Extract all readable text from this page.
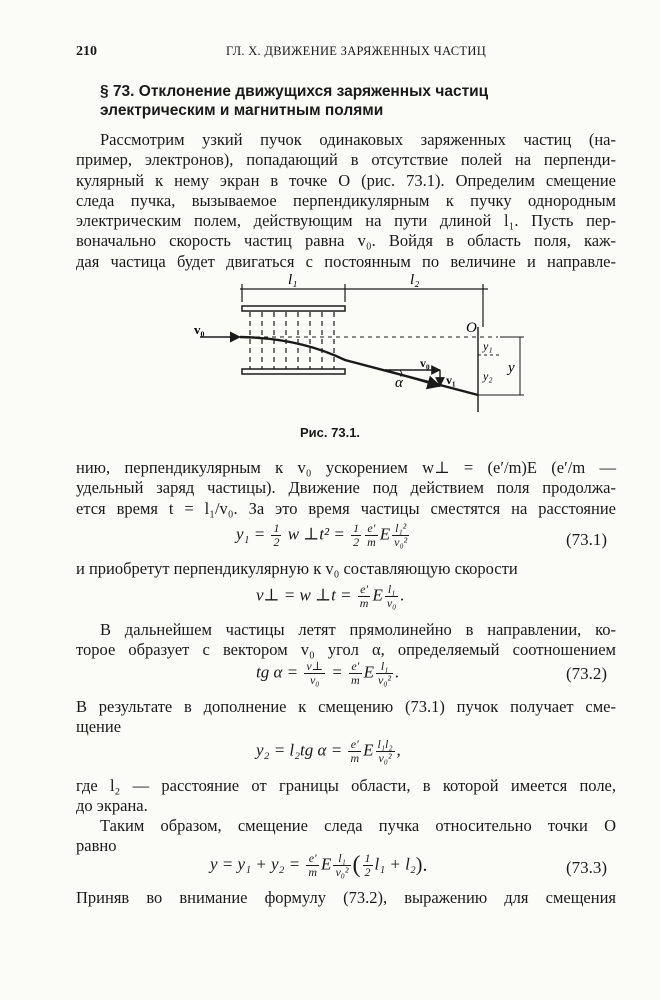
210	ГЛ. X. ДВИЖЕНИЕ ЗАРЯЖЕННЫХ ЧАСТИЦ
§ 73. Отклонение движущихся заряженных частиц
электрическим и магнитным полями
Рассмотрим узкий пучок одинаковых заряженных частиц (на-
пример, электронов), попадающий в отсутствие полей на перпенди-
кулярный к нему экран в точке O (рис. 73.1). Определим смещение
следа пучка, вызываемое перпендикулярным к пучку однородным
электрическим полем, действующим на пути длиной l₁. Пусть пер-
воначально скорость частиц равна v₀. Войдя в область поля, каж-
дая частица будет двигаться с постоянным по величине и направле-
l₁	l₂
v₀
v₀
v₁
α
O
y₁
y₂ y
Рис. 73.1.
нию, перпендикулярным к v₀ ускорением w⊥ = (e′/m)E (e′/m —
удельный заряд частицы). Движение под действием поля продолжа-
ется время t = l₁/v₀. За это время частицы сместятся на расстояние
$y_1 = \frac{1}{2}$ w ⊥t² = $\frac{1}{2} \frac{e'}{m}$ E $\frac{\text{l₁²}}{\text{v₀²}}$	(73.1)
и приобретут перпендикулярную к v₀ составляющую скорости
v⊥ = w ⊥t = $\frac{e'}{m}$ E $\frac{\text{l₁}}{\text{v₀}}$ .
В дальнейшем частицы летят прямолинейно в направлении, ко-
торое образует с вектором v₀ угол α, определяемый соотношением
tg $\alpha = \frac{v\perp}{\text{v₀}} = \frac{e'}{m}$ E $\frac{\text{l₁}}{\text{v₀²}}$ .	(73.2)
В результате в дополнение к смещению (73.1) пучок получает сме-
щение
y₂ = l₂tg $\alpha = \frac{e'}{m}$ E $\frac{\text{l₁l₂}}{\text{v₀²}}$ ,
где l₂ — расстояние от границы области, в которой имеется поле,
до экрана.
Таким образом, смещение следа пучка относительно точки O
равно
$y = y_1 + y_2 = \frac{e'}{m}$ E $\frac{\text{l₁}}{\text{v₀²}}$ ( $\frac{1}{2} l_1 + l_2$).	(73.3)
Приняв во внимание формулу (73.2), выражению для смещения
